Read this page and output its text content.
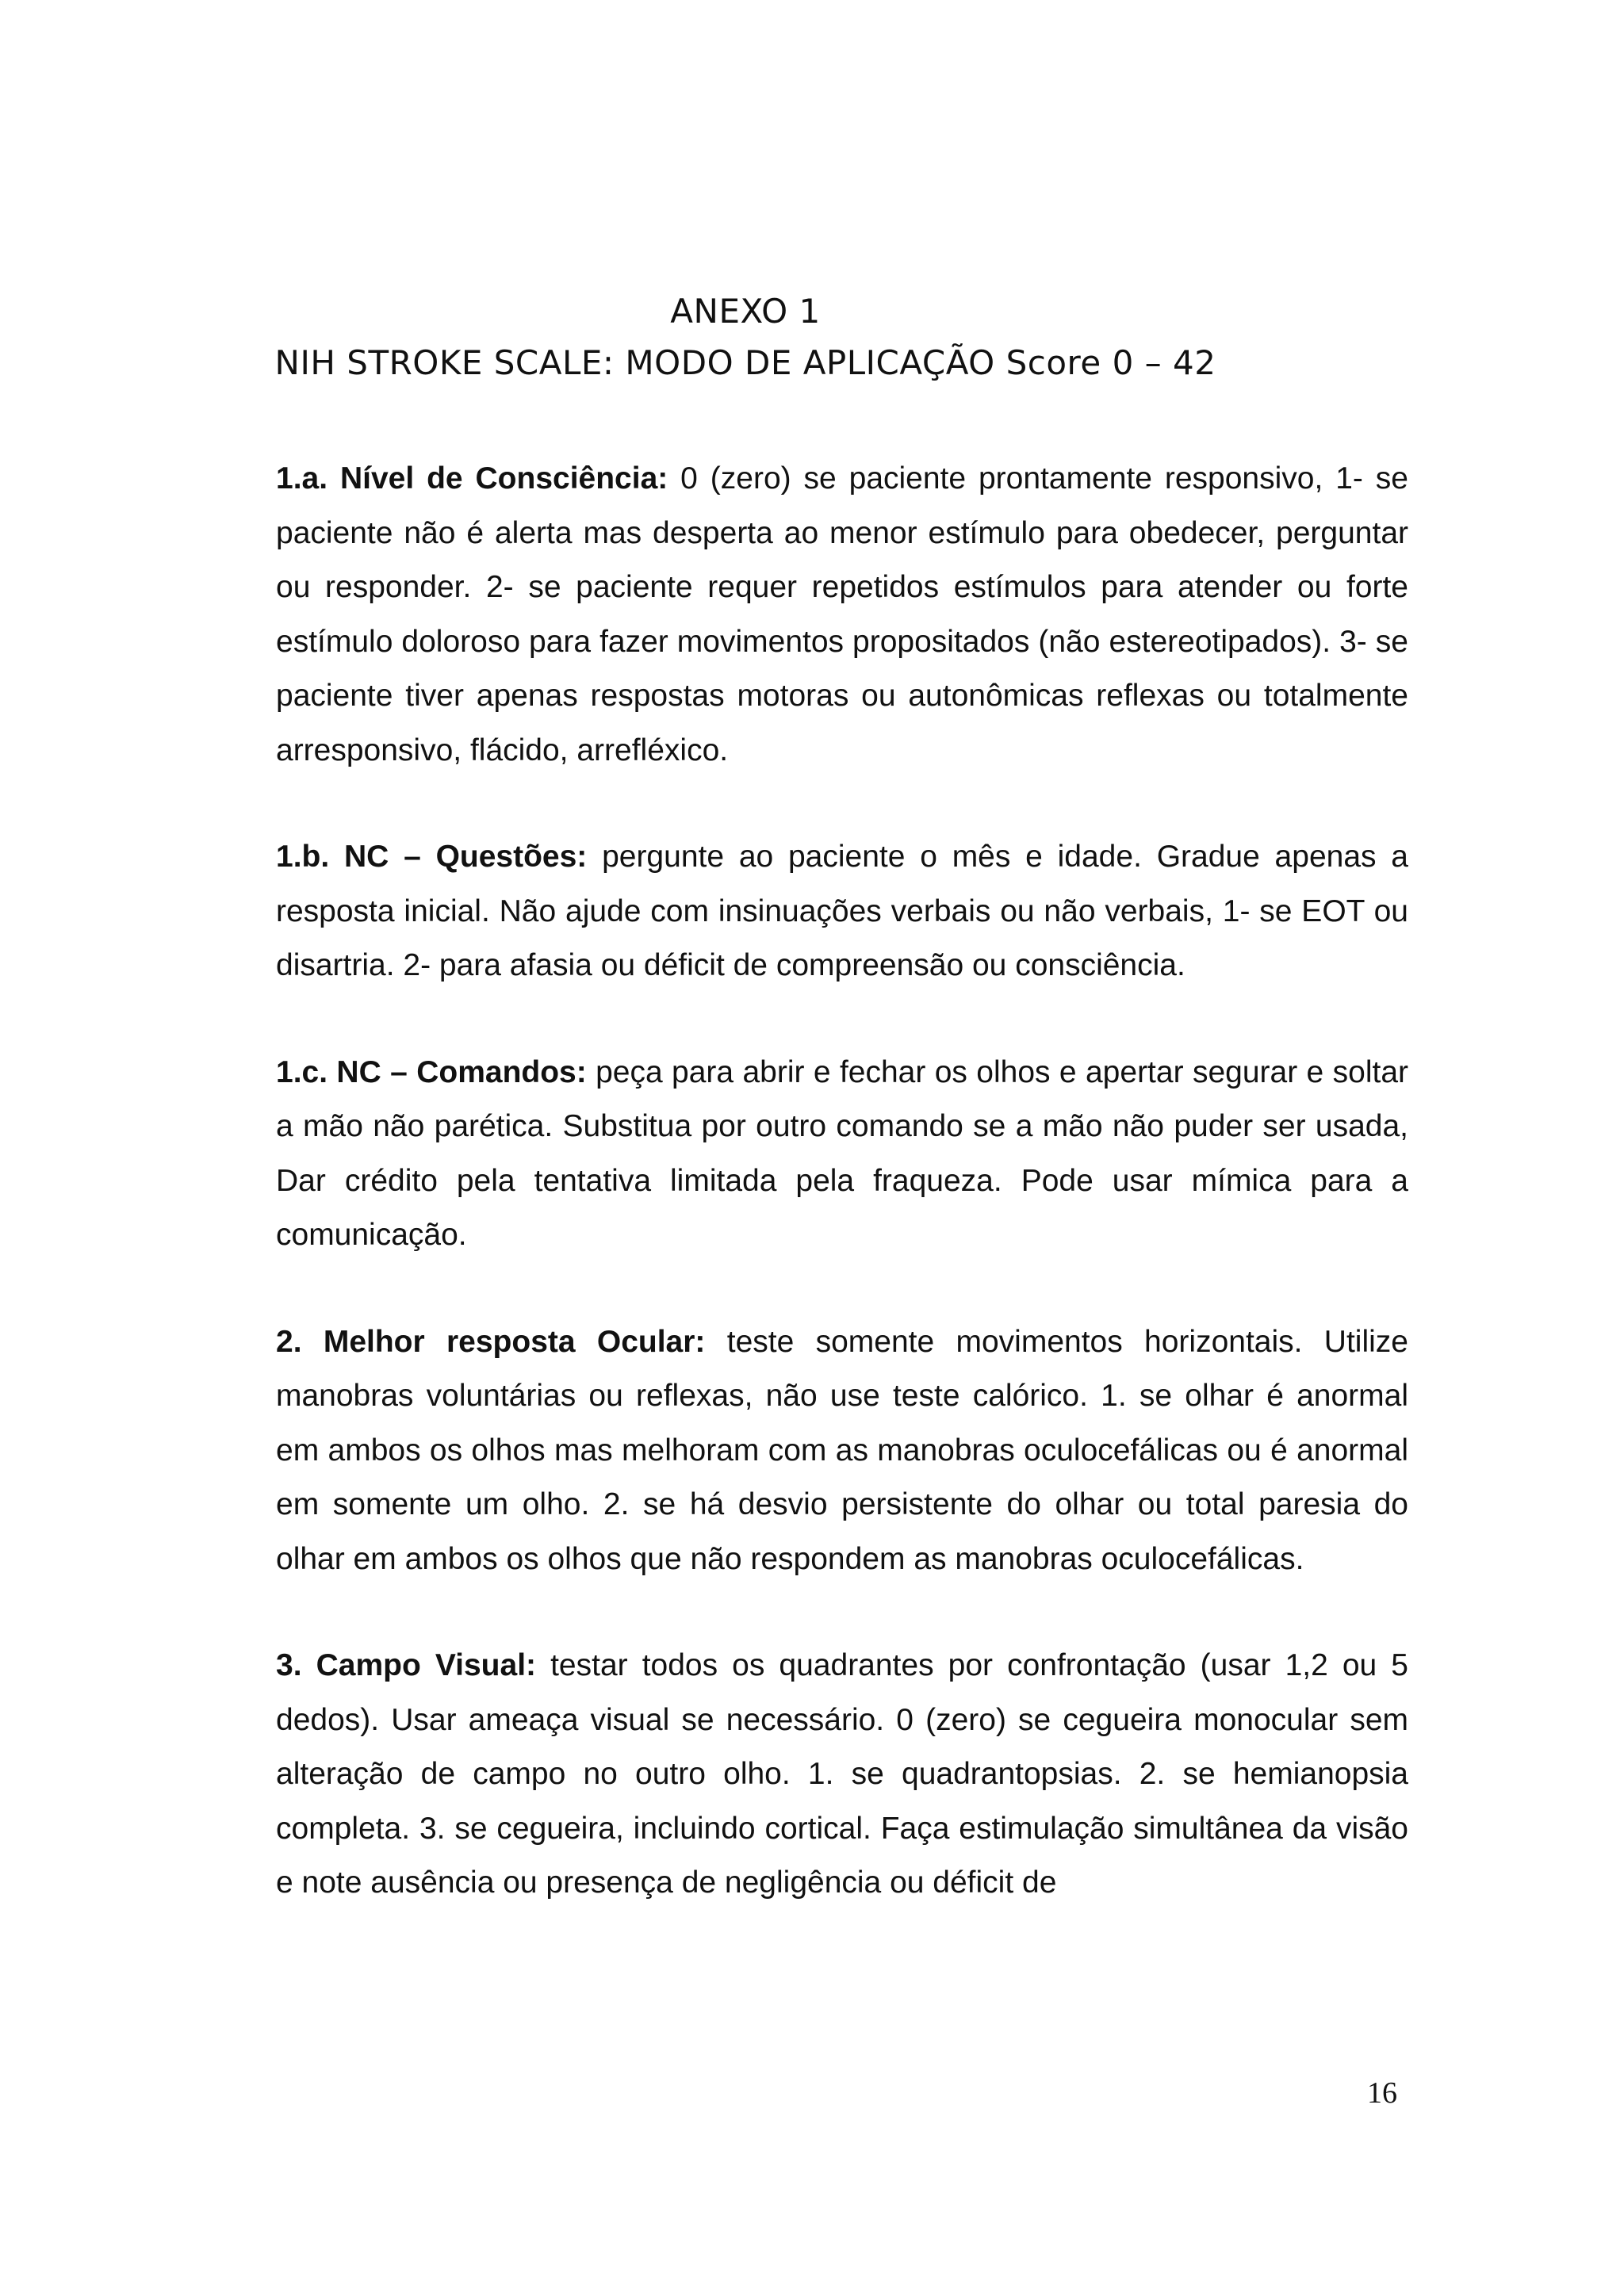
ANEXO 1
NIH STROKE SCALE: MODO DE APLICAÇÃO Score 0 – 42

1.a. Nível de Consciência: 0 (zero) se paciente prontamente responsivo, 1- se paciente não é alerta mas desperta ao menor estímulo para obedecer, perguntar ou responder. 2- se paciente requer repetidos estímulos para atender ou forte estímulo doloroso para fazer movimentos propositados (não estereotipados). 3- se paciente tiver apenas respostas motoras ou autonômicas reflexas ou totalmente arresponsivo, flácido, arrefléxico.

1.b. NC – Questões: pergunte ao paciente o mês e idade. Gradue apenas a resposta inicial. Não ajude com insinuações verbais ou não verbais, 1- se EOT ou disartria. 2- para afasia ou déficit de compreensão ou consciência.

1.c. NC – Comandos: peça para abrir e fechar os olhos e apertar segurar e soltar a mão não parética. Substitua por outro comando se a mão não puder ser usada, Dar crédito pela tentativa limitada pela fraqueza. Pode usar mímica para a comunicação.

2. Melhor resposta Ocular: teste somente movimentos horizontais. Utilize manobras voluntárias ou reflexas, não use teste calórico. 1. se olhar é anormal em ambos os olhos mas melhoram com as manobras oculocefálicas ou é anormal em somente um olho. 2. se há desvio persistente do olhar ou total paresia do olhar em ambos os olhos que não respondem as manobras oculocefálicas.

3. Campo Visual: testar todos os quadrantes por confrontação (usar 1,2 ou 5 dedos). Usar ameaça visual se necessário. 0 (zero) se cegueira monocular sem alteração de campo no outro olho. 1. se quadrantopsias. 2. se hemianopsia completa. 3. se cegueira, incluindo cortical. Faça estimulação simultânea da visão e note ausência ou presença de negligência ou déficit de

16
